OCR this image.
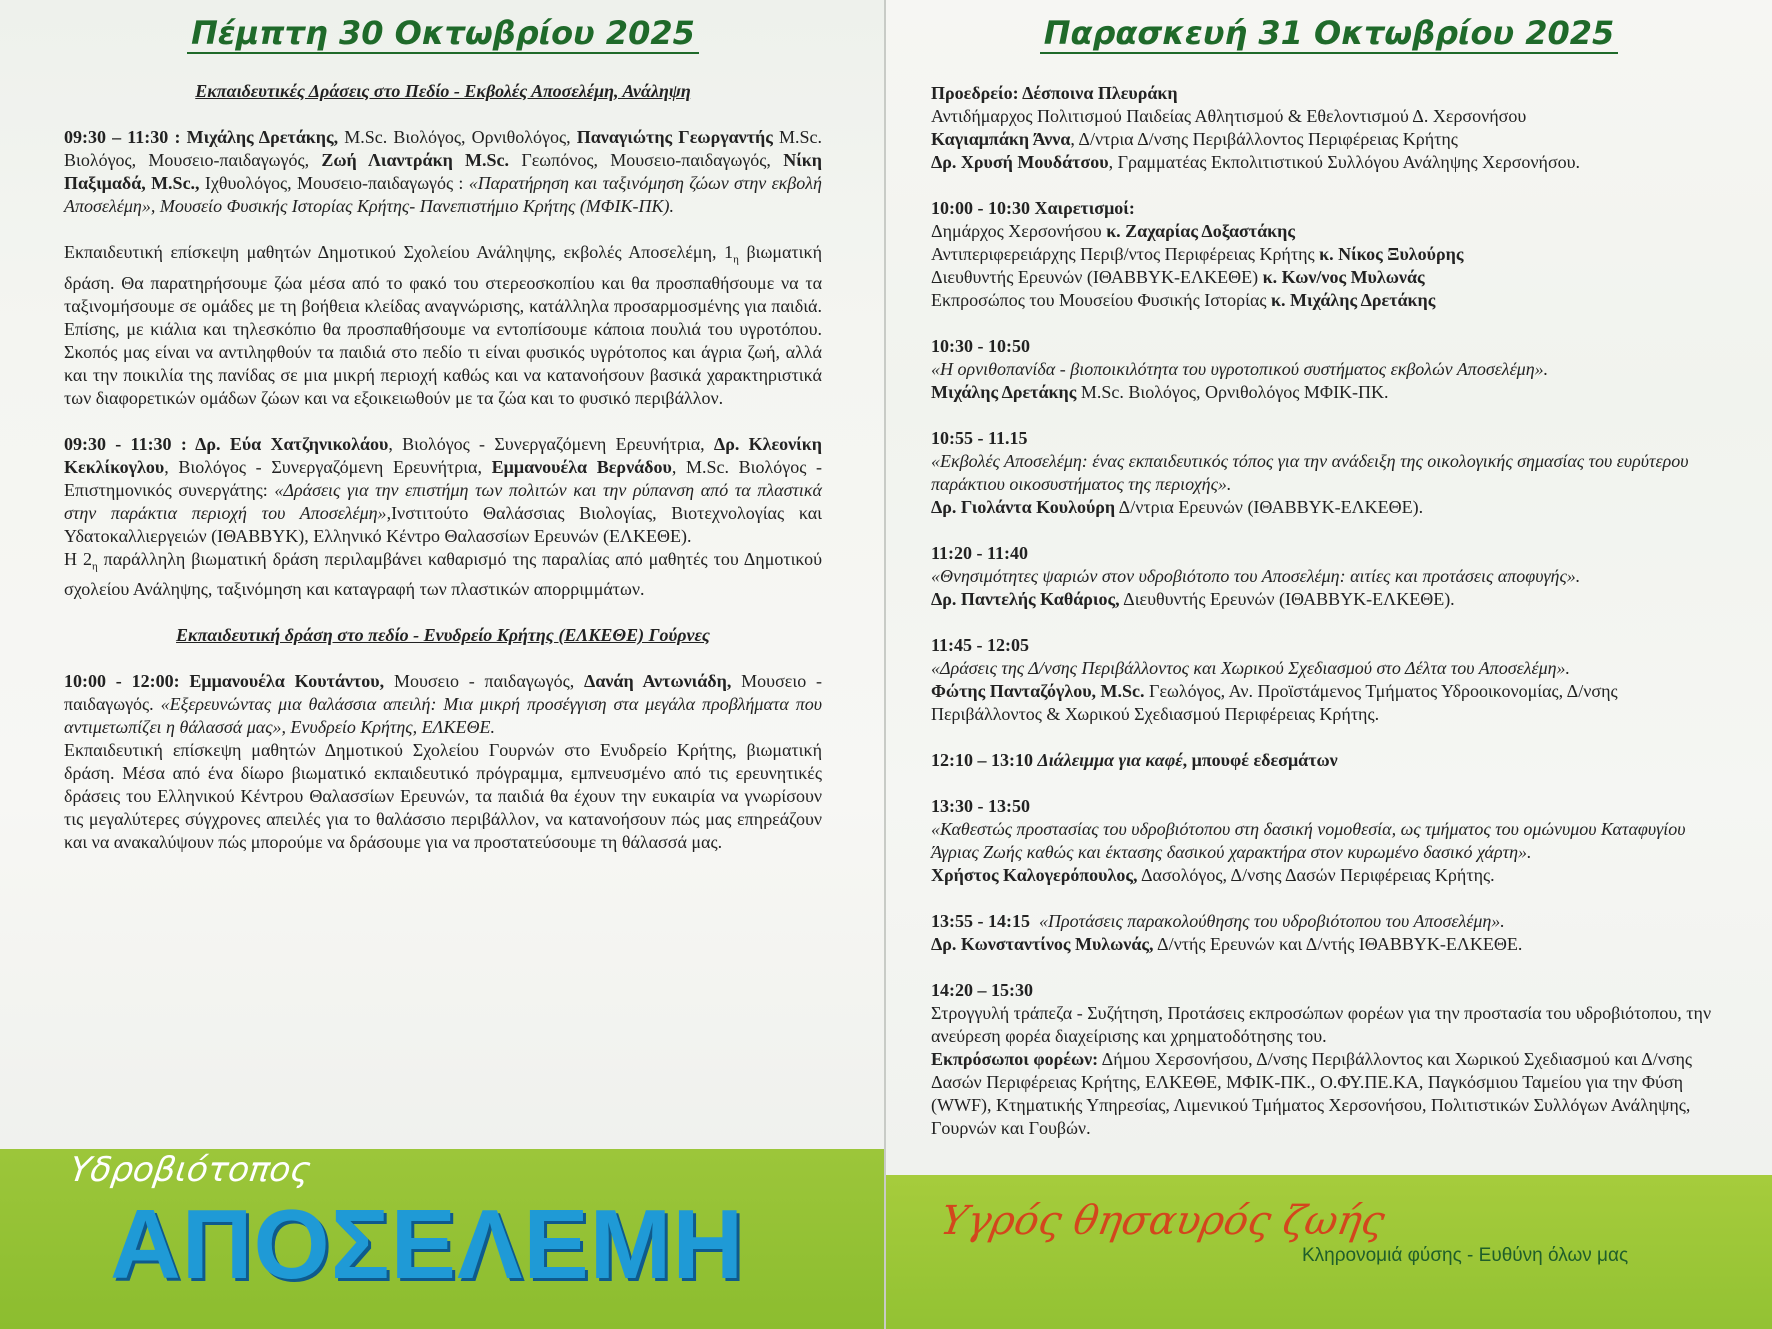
Πέμπτη 30 Οκτωβρίου 2025

Εκπαιδευτικές Δράσεις στο Πεδίο - Εκβολές Αποσελέμη, Ανάληψη

09:30 – 11:30 : Μιχάλης Δρετάκης, M.Sc. Βιολόγος, Ορνιθολόγος, Παναγιώτης Γεωργαντής M.Sc. Βιολόγος, Μουσειο-παιδαγωγός, Ζωή Λιαντράκη M.Sc. Γεωπόνος, Μουσειο-παιδαγωγός, Νίκη Παξιμαδά, M.Sc., Ιχθυολόγος, Μουσειο-παιδαγωγός : «Παρατήρηση και ταξινόμηση ζώων στην εκβολή Αποσελέμη», Μουσείο Φυσικής Ιστορίας Κρήτης- Πανεπιστήμιο Κρήτης (ΜΦΙΚ-ΠΚ).

Εκπαιδευτική επίσκεψη μαθητών Δημοτικού Σχολείου Ανάληψης, εκβολές Αποσελέμη, $1_\eta$ βιωματική δράση. Θα παρατηρήσουμε ζώα μέσα από το φακό του στερεοσκοπίου και θα προσπαθήσουμε να τα ταξινομήσουμε σε ομάδες με τη βοήθεια κλείδας αναγνώρισης, κατάλληλα προσαρμοσμένης για παιδιά. Επίσης, με κιάλια και τηλεσκόπιο θα προσπαθήσουμε να εντοπίσουμε κάποια πουλιά του υγροτόπου. Σκοπός μας είναι να αντιληφθούν τα παιδιά στο πεδίο τι είναι φυσικός υγρότοπος και άγρια ζωή, αλλά και την ποικιλία της πανίδας σε μια μικρή περιοχή καθώς και να κατανοήσουν βασικά χαρακτηριστικά των διαφορετικών ομάδων ζώων και να εξοικειωθούν με τα ζώα και το φυσικό περιβάλλον.

09:30 - 11:30 : Δρ. Εύα Χατζηνικολάου, Βιολόγος - Συνεργαζόμενη Ερευνήτρια, Δρ. Κλεονίκη Κεκλίκογλου, Βιολόγος - Συνεργαζόμενη Ερευνήτρια, Εμμανουέλα Βερνάδου, M.Sc. Βιολόγος - Επιστημονικός συνεργάτης: «Δράσεις για την επιστήμη των πολιτών και την ρύπανση από τα πλαστικά στην παράκτια περιοχή του Αποσελέμη»,Ινστιτούτο Θαλάσσιας Βιολογίας, Βιοτεχνολογίας και Υδατοκαλλιεργειών (ΙΘΑΒΒΥΚ), Ελληνικό Κέντρο Θαλασσίων Ερευνών (ΕΛΚΕΘΕ).

Η $2_\eta$ παράλληλη βιωματική δράση περιλαμβάνει καθαρισμό της παραλίας από μαθητές του Δημοτικού σχολείου Ανάληψης, ταξινόμηση και καταγραφή των πλαστικών απορριμμάτων.

Εκπαιδευτική δράση στο πεδίο - Ενυδρείο Κρήτης (ΕΛΚΕΘΕ) Γούρνες

10:00 - 12:00: Εμμανουέλα Κουτάντου, Μουσειο - παιδαγωγός, Δανάη Αντωνιάδη, Μουσειο - παιδαγωγός. «Εξερευνώντας μια θαλάσσια απειλή: Μια μικρή προσέγγιση στα μεγάλα προβλήματα που αντιμετωπίζει η θάλασσά μας», Ενυδρείο Κρήτης, ΕΛΚΕΘΕ.

Εκπαιδευτική επίσκεψη μαθητών Δημοτικού Σχολείου Γουρνών στο Ενυδρείο Κρήτης, βιωματική δράση. Μέσα από ένα δίωρο βιωματικό εκπαιδευτικό πρόγραμμα, εμπνευσμένο από τις ερευνητικές δράσεις του Ελληνικού Κέντρου Θαλασσίων Ερευνών, τα παιδιά θα έχουν την ευκαιρία να γνωρίσουν τις μεγαλύτερες σύγχρονες απειλές για το θαλάσσιο περιβάλλον, να κατανοήσουν πώς μας επηρεάζουν και να ανακαλύψουν πώς μπορούμε να δράσουμε για να προστατεύσουμε τη θάλασσά μας.

Υδροβιότοπος
ΑΠΟΣΕΛΕΜΗ
Παρασκευή 31 Οκτωβρίου 2025

Προεδρείο: Δέσποινα Πλευράκη

Αντιδήμαρχος Πολιτισμού Παιδείας Αθλητισμού & Εθελοντισμού Δ. Χερσονήσου

Καγιαμπάκη Άννα, Δ/ντρια Δ/νσης Περιβάλλοντος Περιφέρειας Κρήτης

Δρ. Χρυσή Μουδάτσου, Γραμματέας Εκπολιτιστικού Συλλόγου Ανάληψης Χερσονήσου.

10:00 - 10:30 Χαιρετισμοί:

Δημάρχος Χερσονήσου κ. Ζαχαρίας Δοξαστάκης

Αντιπεριφερειάρχης Περιβ/ντος Περιφέρειας Κρήτης κ. Νίκος Ξυλούρης

Διευθυντής Ερευνών (ΙΘΑΒΒΥΚ-ΕΛΚΕΘΕ) κ. Κων/νος Μυλωνάς

Εκπροσώπος του Μουσείου Φυσικής Ιστορίας κ. Μιχάλης Δρετάκης

10:30 - 10:50

«Η ορνιθοπανίδα - βιοποικιλότητα του υγροτοπικού συστήματος εκβολών Αποσελέμη».

Μιχάλης Δρετάκης M.Sc. Βιολόγος, Ορνιθολόγος ΜΦΙΚ-ΠΚ.

10:55 - 11.15

«Εκβολές Αποσελέμη: ένας εκπαιδευτικός τόπος για την ανάδειξη της οικολογικής σημασίας του ευρύτερου παράκτιου οικοσυστήματος της περιοχής».

Δρ. Γιολάντα Κουλούρη Δ/ντρια Ερευνών (ΙΘΑΒΒΥΚ-ΕΛΚΕΘΕ).

11:20 - 11:40

«Θνησιμότητες ψαριών στον υδροβιότοπο του Αποσελέμη: αιτίες και προτάσεις αποφυγής».

Δρ. Παντελής Καθάριος, Διευθυντής Ερευνών (ΙΘΑΒΒΥΚ-ΕΛΚΕΘΕ).

11:45 - 12:05

«Δράσεις της Δ/νσης Περιβάλλοντος και Χωρικού Σχεδιασμού στο Δέλτα του Αποσελέμη».

Φώτης Πανταζόγλου, M.Sc. Γεωλόγος, Αν. Προϊστάμενος Τμήματος Υδροοικονομίας, Δ/νσης Περιβάλλοντος & Χωρικού Σχεδιασμού Περιφέρειας Κρήτης.

12:10 – 13:10 Διάλειμμα για καφέ, μπουφέ εδεσμάτων

13:30 - 13:50

«Καθεστώς προστασίας του υδροβιότοπου στη δασική νομοθεσία, ως τμήματος του ομώνυμου Καταφυγίου Άγριας Ζωής καθώς και έκτασης δασικού χαρακτήρα στον κυρωμένο δασικό χάρτη».

Χρήστος Καλογερόπουλος, Δασολόγος, Δ/νσης Δασών Περιφέρειας Κρήτης.

13:55 - 14:15 «Προτάσεις παρακολούθησης του υδροβιότοπου του Αποσελέμη».

Δρ. Κωνσταντίνος Μυλωνάς, Δ/ντής Ερευνών και Δ/ντής ΙΘΑΒΒΥΚ-ΕΛΚΕΘΕ.

14:20 – 15:30

Στρογγυλή τράπεζα - Συζήτηση, Προτάσεις εκπροσώπων φορέων για την προστασία του υδροβιότοπου, την ανεύρεση φορέα διαχείρισης και χρηματοδότησης του.

Εκπρόσωποι φορέων: Δήμου Χερσονήσου, Δ/νσης Περιβάλλοντος και Χωρικού Σχεδιασμού και Δ/νσης Δασών Περιφέρειας Κρήτης, ΕΛΚΕΘΕ, ΜΦΙΚ-ΠΚ., Ο.ΦΥ.ΠΕ.ΚΑ, Παγκόσμιου Ταμείου για την Φύση (WWF), Κτηματικής Υπηρεσίας, Λιμενικού Τμήματος Χερσονήσου, Πολιτιστικών Συλλόγων Ανάληψης, Γουρνών και Γουβών.

Υγρός θησαυρός ζωής
Κληρονομιά φύσης - Ευθύνη όλων μας
